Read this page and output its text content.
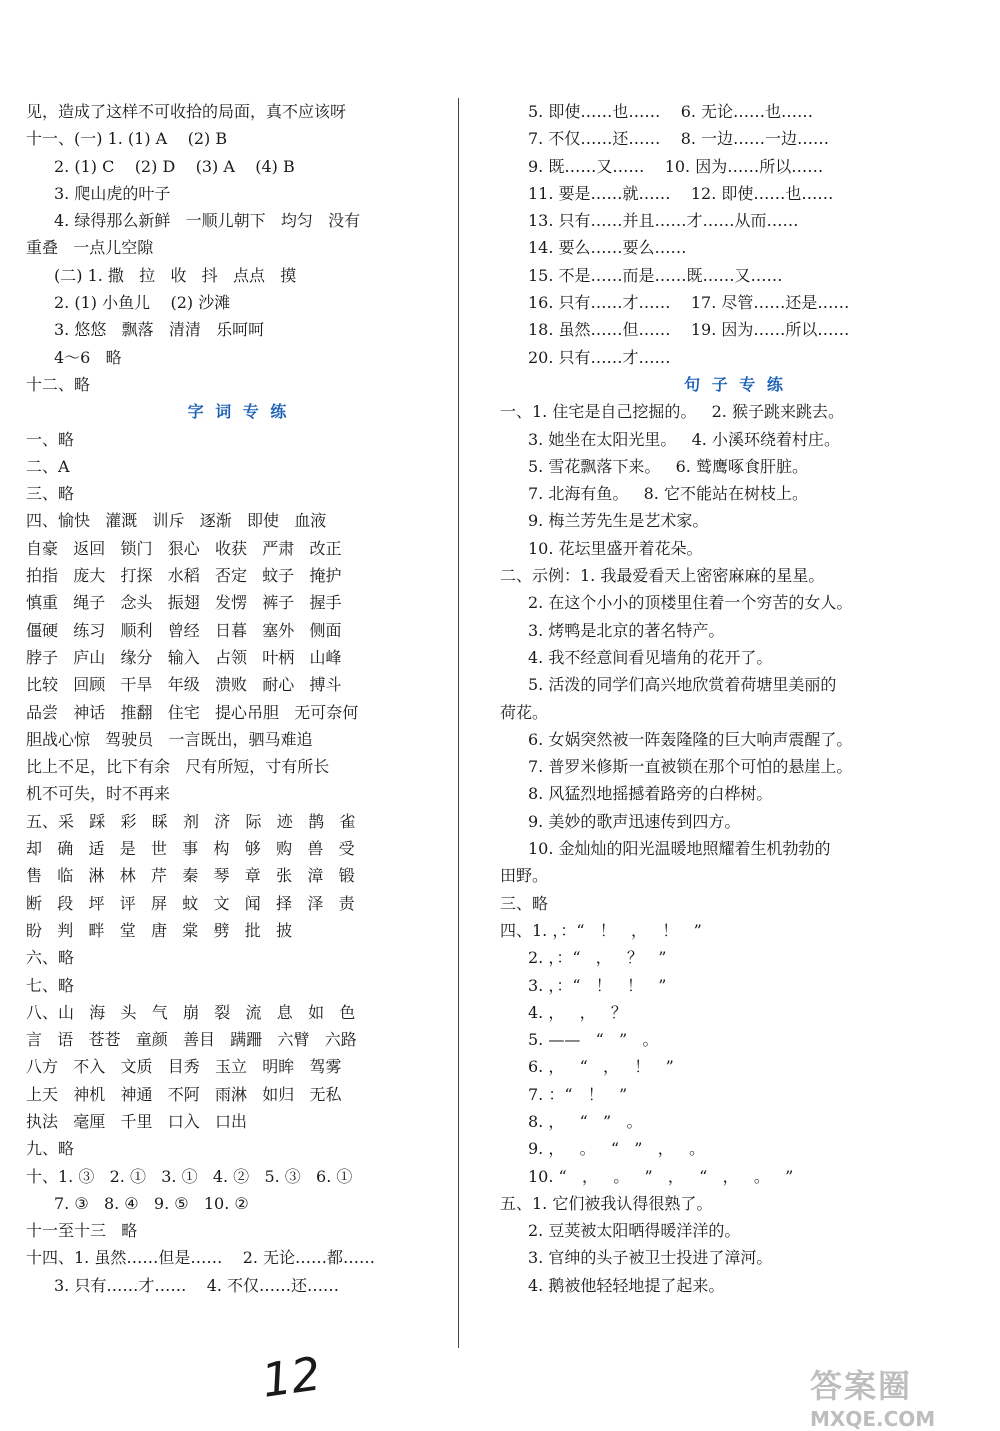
见，造成了这样不可收拾的局面，真不应该呀
十一、(一) 1. (1) A    (2) B
2. (1) C    (2) D    (3) A    (4) B
3. 爬山虎的叶子
4. 绿得那么新鲜   一顺儿朝下   均匀   没有
重叠   一点儿空隙
(二) 1. 撒   拉   收   抖   点点   摸
2. (1) 小鱼儿    (2) 沙滩
3. 悠悠   飘落   清清   乐呵呵
4～6   略
十二、略
字 词 专 练
一、略
二、A
三、略
四、愉快   灌溉   训斥   逐渐   即使   血液
自豪   返回   锁门   狠心   收获   严肃   改正
拍指   庞大   打探   水稻   否定   蚊子   掩护
慎重   绳子   念头   振翅   发愣   裤子   握手
僵硬   练习   顺利   曾经   日暮   塞外   侧面
脖子   庐山   缘分   输入   占领   叶柄   山峰
比较   回顾   干旱   年级   溃败   耐心   搏斗
品尝   神话   推翻   住宅   提心吊胆   无可奈何
胆战心惊   驾驶员   一言既出，驷马难追
比上不足，比下有余   尺有所短，寸有所长
机不可失，时不再来
五、采   踩   彩   睬   剂   济   际   迹   鹊   雀
却   确   适   是   世   事   构   够   购   兽   受
售   临   淋   林   芹   秦   琴   章   张   漳   锻
断   段   坪   评   屏   蚊   文   闻   择   泽   责
盼   判   畔   堂   唐   棠   劈   批   披
六、略
七、略
八、山   海   头   气   崩   裂   流   息   如   色
言   语   苍苍   童颜   善目   蹒跚   六臂   六路
八方   不入   文质   目秀   玉立   明眸   驾雾
上天   神机   神通   不阿   雨淋   如归   无私
执法   毫厘   千里   口入   口出
九、略
十、1. ③   2. ①   3. ①   4. ②   5. ③   6. ①
7. ③   8. ④   9. ⑤   10. ②
十一至十三   略
十四、1. 虽然……但是……    2. 无论……都……
3. 只有……才……    4. 不仅……还……
5. 即使……也……    6. 无论……也……
7. 不仅……还……    8. 一边……一边……
9. 既……又……    10. 因为……所以……
11. 要是……就……    12. 即使……也……
13. 只有……并且……才……从而……
14. 要么……要么……
15. 不是……而是……既……又……
16. 只有……才……    17. 尽管……还是……
18. 虽然……但……    19. 因为……所以……
20. 只有……才……
句 子 专 练
一、1. 住宅是自己挖掘的。   2. 猴子跳来跳去。
3. 她坐在太阳光里。   4. 小溪环绕着村庄。
5. 雪花飘落下来。   6. 鹫鹰啄食肝脏。
7. 北海有鱼。   8. 它不能站在树枝上。
9. 梅兰芳先生是艺术家。
10. 花坛里盛开着花朵。
二、示例：1. 我最爱看天上密密麻麻的星星。
2. 在这个小小的顶楼里住着一个穷苦的女人。
3. 烤鸭是北京的著名特产。
4. 我不经意间看见墙角的花开了。
5. 活泼的同学们高兴地欣赏着荷塘里美丽的
荷花。
6. 女娲突然被一阵轰隆隆的巨大响声震醒了。
7. 普罗米修斯一直被锁在那个可怕的悬崖上。
8. 风猛烈地摇撼着路旁的白桦树。
9. 美妙的歌声迅速传到四方。
10. 金灿灿的阳光温暖地照耀着生机勃勃的
田野。
三、略
四、1. ，：“   ！   ，   ！   ”
2. ，：“   ，   ？   ”
3. ，：“   ！   ！   ”
4. ，   ，   ？
5. ——   “   ”   。
6. ，   “   ，   ！   ”
7. ：“   ！   ”
8. ，   “   ”   。
9. ，   。   “   ”   ，   。
10. “   ，   。   ”   ，   “   ，   。   ”
五、1. 它们被我认得很熟了。
2. 豆荚被太阳晒得暖洋洋的。
3. 官绅的头子被卫士投进了漳河。
4. 鹅被他轻轻地提了起来。
12	答案圈
MXQE.COM
